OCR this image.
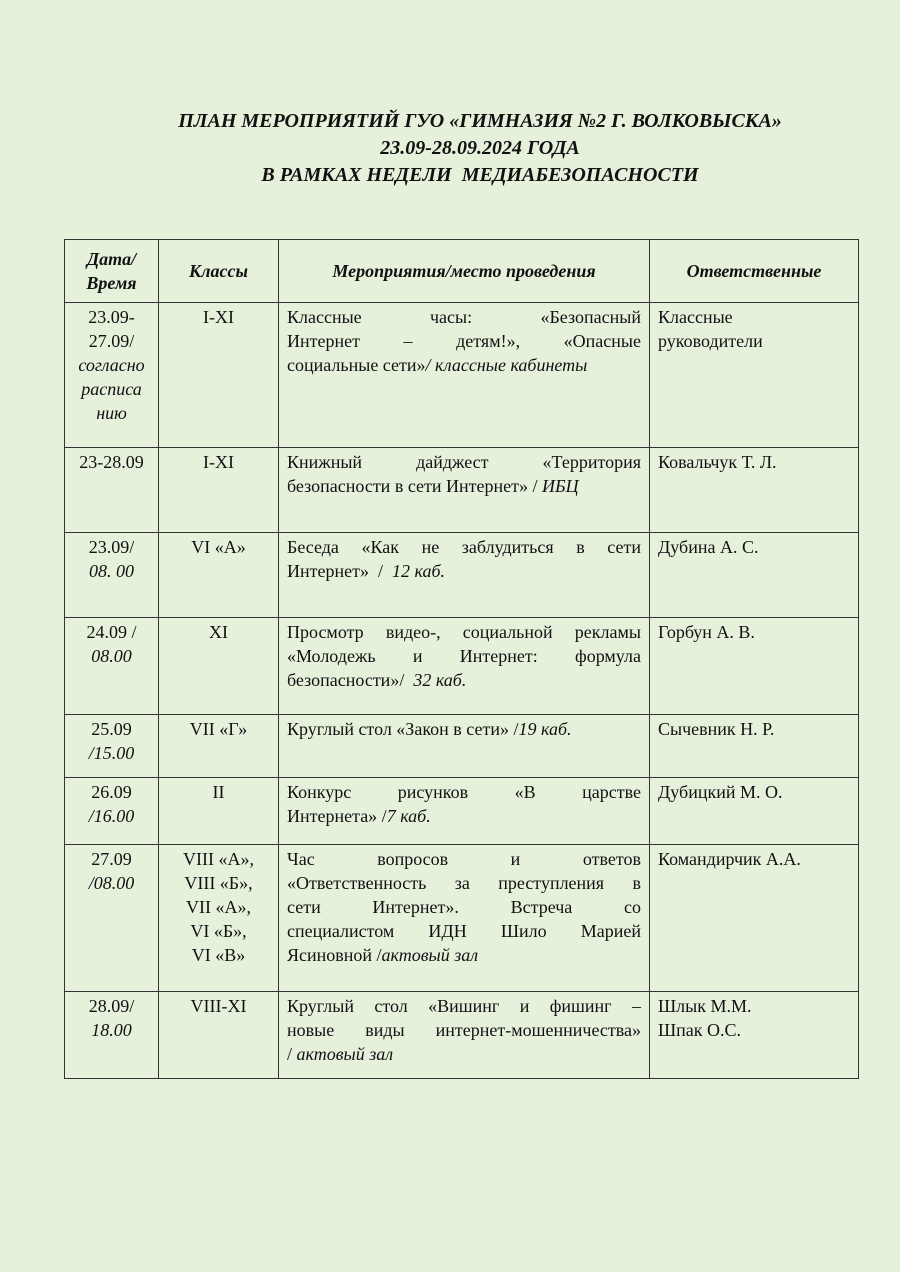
ПЛАН МЕРОПРИЯТИЙ ГУО «ГИМНАЗИЯ №2 Г. ВОЛКОВЫСКА»
23.09-28.09.2024 ГОДА
В РАМКАХ НЕДЕЛИ  МЕДИАБЕЗОПАСНОСТИ
Дата/
Время	Классы	Мероприятия/место проведения	Ответственные

23.09-
27.09/
согласно
расписа
нию	I-XI	Классные часы: «Безопасный
Интернет – детям!», «Опасные
социальные сети»/ классные кабинеты	Классные
руководители

23-28.09	I-XI	Книжный дайджест «Территория
безопасности в сети Интернет» / ИБЦ	Ковальчук Т. Л.

23.09/
08. 00	VI «А»	Беседа «Как не заблудиться в сети
Интернет»  /  12 каб.	Дубина А. С.

24.09 /
08.00	XI	Просмотр видео-, социальной рекламы
«Молодежь и Интернет: формула
безопасности»/  32 каб.	Горбун А. В.

25.09
/15.00	VII «Г»	Круглый стол «Закон в сети» /19 каб.	Сычевник Н. Р.

26.09
/16.00	II	Конкурс рисунков «В царстве
Интернета» /7 каб.	Дубицкий М. О.

27.09
/08.00	VIII «А»,
VIII «Б»,
VII «А»,
VI «Б»,
VI «В»	Час вопросов и ответов
«Ответственность за преступления в
сети Интернет». Встреча со
специалистом ИДН Шило Марией
Ясиновной /актовый зал	Командирчик А.А.

28.09/
18.00	VIII-XI	Круглый стол «Вишинг и фишинг –
новые виды интернет-мошенничества»
/ актовый зал	Шлык М.М.
Шпак О.С.
